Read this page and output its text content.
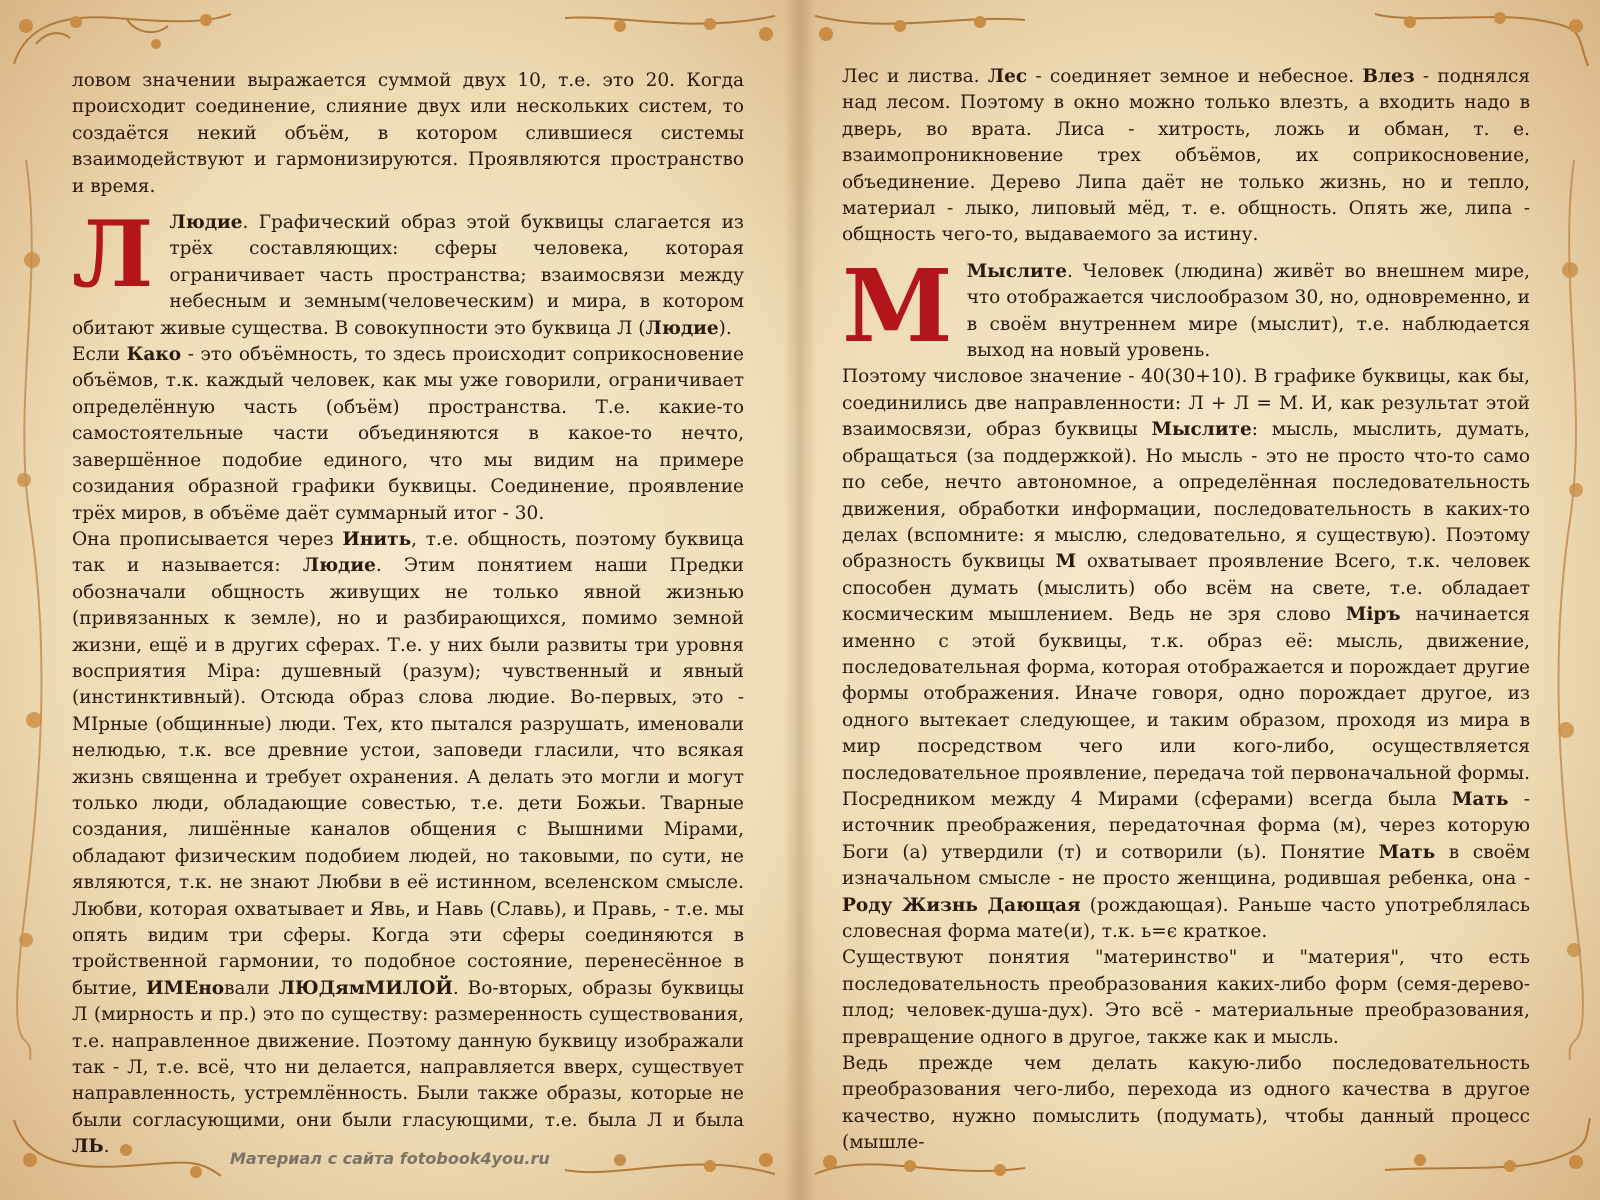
ловом значении выражается суммой двух 10, т.е. это 20. Когда происходит соединение, слияние двух или нескольких систем, то создаётся некий объём, в котором слившиеся системы взаимодействуют и гармонизируются. Проявляются пространство и время.

Л Людие. Графический образ этой буквицы слагается из трёх составляющих: сферы человека, которая ограничивает часть пространства; взаимосвязи между небесным и земным(человеческим) и мира, в котором обитают живые существа. В совокупности это буквица Л (Людие).

Если Како - это объёмность, то здесь происходит соприкосновение объёмов, т.к. каждый человек, как мы уже говорили, ограничивает определённую часть (объём) пространства. Т.е. какие-то самостоятельные части объединяются в какое-то нечто, завершённое подобие единого, что мы видим на примере созидания образной графики буквицы. Соединение, проявление трёх миров, в объёме даёт суммарный итог - 30.

Она прописывается через Инить, т.е. общность, поэтому буквица так и называется: Людие. Этим понятием наши Предки обозначали общность живущих не только явной жизнью (привязанных к земле), но и разбирающихся, помимо земной жизни, ещё и в других сферах. Т.е. у них были развиты три уровня восприятия Міра: душевный (разум); чувственный и явный (инстинктивный). Отсюда образ слова людие. Во-первых, это - МІрные (общинные) люди. Тех, кто пытался разрушать, именовали нелюдью, т.к. все древние устои, заповеди гласили, что всякая жизнь священна и требует охранения. А делать это могли и могут только люди, обладающие совестью, т.е. дети Божьи. Тварные создания, лишённые каналов общения с Вышними Мірами, обладают физическим подобием людей, но таковыми, по сути, не являются, т.к. не знают Любви в её истинном, вселенском смысле. Любви, которая охватывает и Явь, и Навь (Славь), и Правь, - т.е. мы опять видим три сферы. Когда эти сферы соединяются в тройственной гармонии, то подобное состояние, перенесённое в бытие, ИМЕновали ЛЮДямМИЛОЙ. Во-вторых, образы буквицы Л (мирность и пр.) это по существу: размеренность существования, т.е. направленное движение. Поэтому данную буквицу изображали так - Л, т.е. всё, что ни делается, направляется вверх, существует направленность, устремлённость. Были также образы, которые не были согласующими, они были гласующими, т.е. была Л и была ЛЬ.

Материал с сайта fotobook4you.ru

Лес и листва. Лес - соединяет земное и небесное. Влез - поднялся над лесом. Поэтому в окно можно только влезть, а входить надо в дверь, во врата. Лиса - хитрость, ложь и обман, т. е. взаимопроникновение трех объёмов, их соприкосновение, объединение. Дерево Липа даёт не только жизнь, но и тепло, материал - лыко, липовый мёд, т. е. общность. Опять же, липа - общность чего-то, выдаваемого за истину.

М Мыслите. Человек (людина) живёт во внешнем мире, что отображается числообразом 30, но, одновременно, и в своём внутреннем мире (мыслит), т.е. наблюдается выход на новый уровень.

Поэтому числовое значение - 40(30+10). В графике буквицы, как бы, соединились две направленности: Л + Л = М. И, как результат этой взаимосвязи, образ буквицы Мыслите: мысль, мыслить, думать, обращаться (за поддержкой). Но мысль - это не просто что-то само по себе, нечто автономное, а определённая последовательность движения, обработки информации, последовательность в каких-то делах (вспомните: я мыслю, следовательно, я существую). Поэтому образность буквицы М охватывает проявление Всего, т.к. человек способен думать (мыслить) обо всём на свете, т.е. обладает космическим мышлением. Ведь не зря слово Міръ начинается именно с этой буквицы, т.к. образ её: мысль, движение, последовательная форма, которая отображается и порождает другие формы отображения. Иначе говоря, одно порождает другое, из одного вытекает следующее, и таким образом, проходя из мира в мир посредством чего или кого-либо, осуществляется последовательное проявление, передача той первоначальной формы. Посредником между 4 Мирами (сферами) всегда была Мать - источник преображения, передаточная форма (м), через которую Боги (а) утвердили (т) и сотворили (ь). Понятие Мать в своём изначальном смысле - не просто женщина, родившая ребенка, она - Роду Жизнь Дающая (рождающая). Раньше часто употреблялась словесная форма мате(и), т.к. ь=є краткое.

Существуют понятия "материнство" и "материя", что есть последовательность преобразования каких-либо форм (семя-дерево-плод; человек-душа-дух). Это всё - материальные преобразования, превращение одного в другое, также как и мысль.

Ведь прежде чем делать какую-либо последовательность преобразования чего-либо, перехода из одного качества в другое качество, нужно помыслить (подумать), чтобы данный процесс (мышле-
